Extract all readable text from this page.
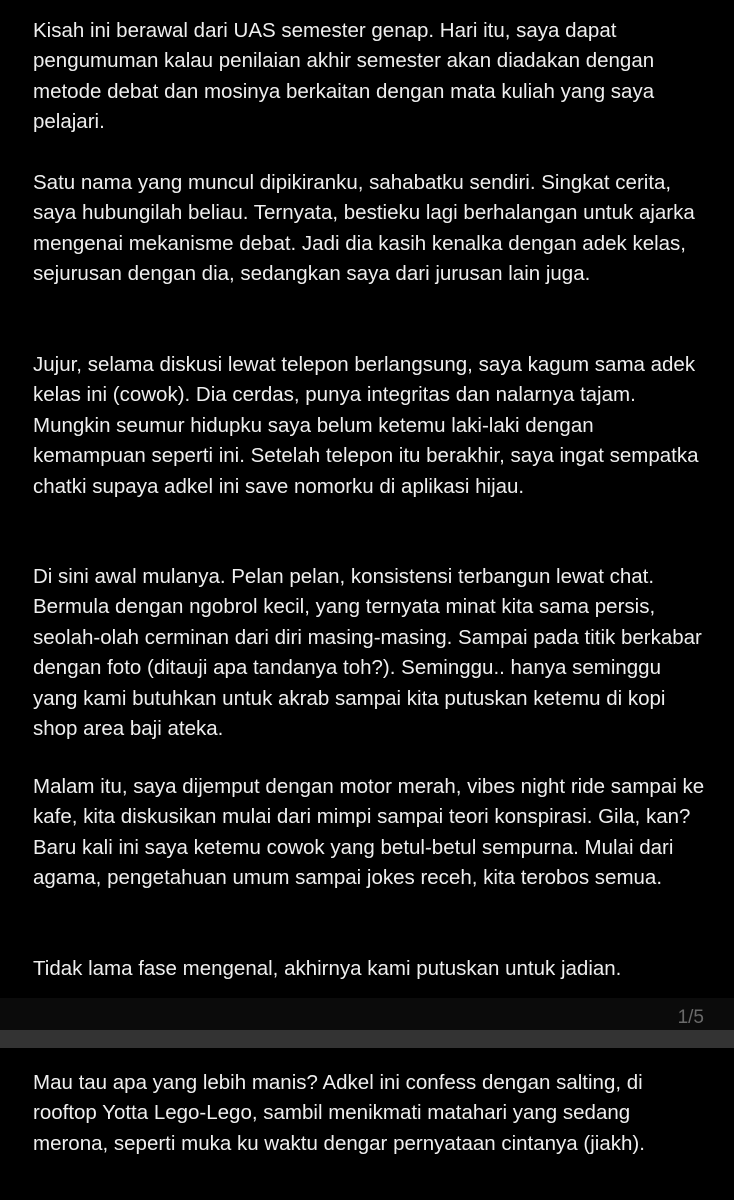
Kisah ini berawal dari UAS semester genap. Hari itu, saya dapat pengumuman kalau penilaian akhir semester akan diadakan dengan metode debat dan mosinya berkaitan dengan mata kuliah yang saya pelajari.

Satu nama yang muncul dipikiranku, sahabatku sendiri. Singkat cerita, saya hubungilah beliau. Ternyata, bestieku lagi berhalangan untuk ajarka mengenai mekanisme debat. Jadi dia kasih kenalka dengan adek kelas, sejurusan dengan dia, sedangkan saya dari jurusan lain juga.

Jujur, selama diskusi lewat telepon berlangsung, saya kagum sama adek kelas ini (cowok). Dia cerdas, punya integritas dan nalarnya tajam. Mungkin seumur hidupku saya belum ketemu laki-laki dengan kemampuan seperti ini. Setelah telepon itu berakhir, saya ingat sempatka chatki supaya adkel ini save nomorku di aplikasi hijau.

Di sini awal mulanya. Pelan pelan, konsistensi terbangun lewat chat. Bermula dengan ngobrol kecil, yang ternyata minat kita sama persis, seolah-olah cerminan dari diri masing-masing. Sampai pada titik berkabar dengan foto (ditauji apa tandanya toh?). Seminggu.. hanya seminggu yang kami butuhkan untuk akrab sampai kita putuskan ketemu di kopi shop area baji ateka.

Malam itu, saya dijemput dengan motor merah, vibes night ride sampai ke kafe, kita diskusikan mulai dari mimpi sampai teori konspirasi. Gila, kan? Baru kali ini saya ketemu cowok yang betul-betul sempurna. Mulai dari agama, pengetahuan umum sampai jokes receh, kita terobos semua.

Tidak lama fase mengenal, akhirnya kami putuskan untuk jadian.

1/5

Mau tau apa yang lebih manis? Adkel ini confess dengan salting, di rooftop Yotta Lego-Lego, sambil menikmati matahari yang sedang merona, seperti muka ku waktu dengar pernyataan cintanya (jiakh).
